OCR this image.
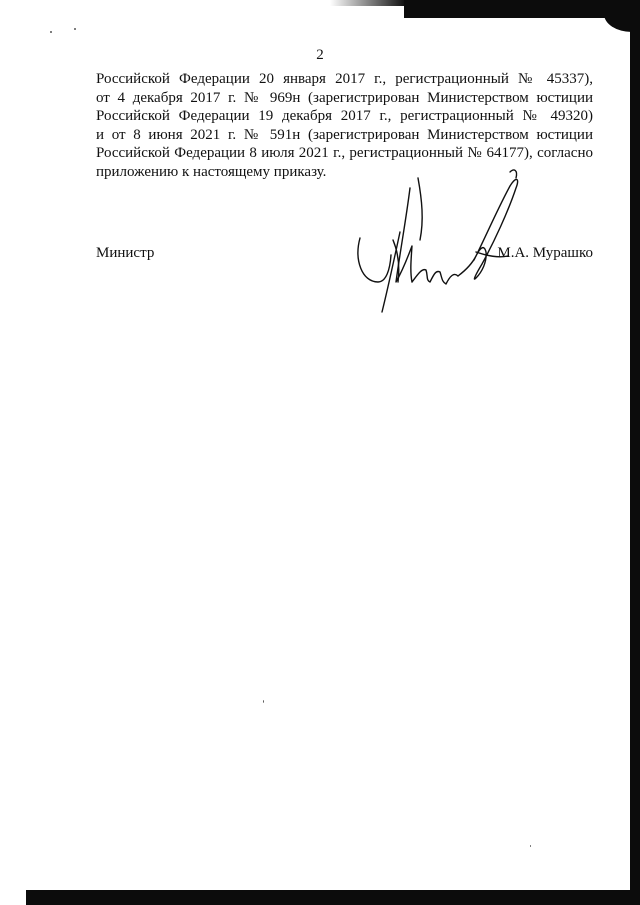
2
Российской Федерации 20 января 2017 г., регистрационный № 45337),
от 4 декабря 2017 г. № 969н (зарегистрирован Министерством юстиции
Российской Федерации 19 декабря 2017 г., регистрационный № 49320)
и от 8 июня 2021 г. № 591н (зарегистрирован Министерством юстиции
Российской Федерации 8 июля 2021 г., регистрационный № 64177), согласно
приложению к настоящему приказу.
Министр	М.А. Мурашко
